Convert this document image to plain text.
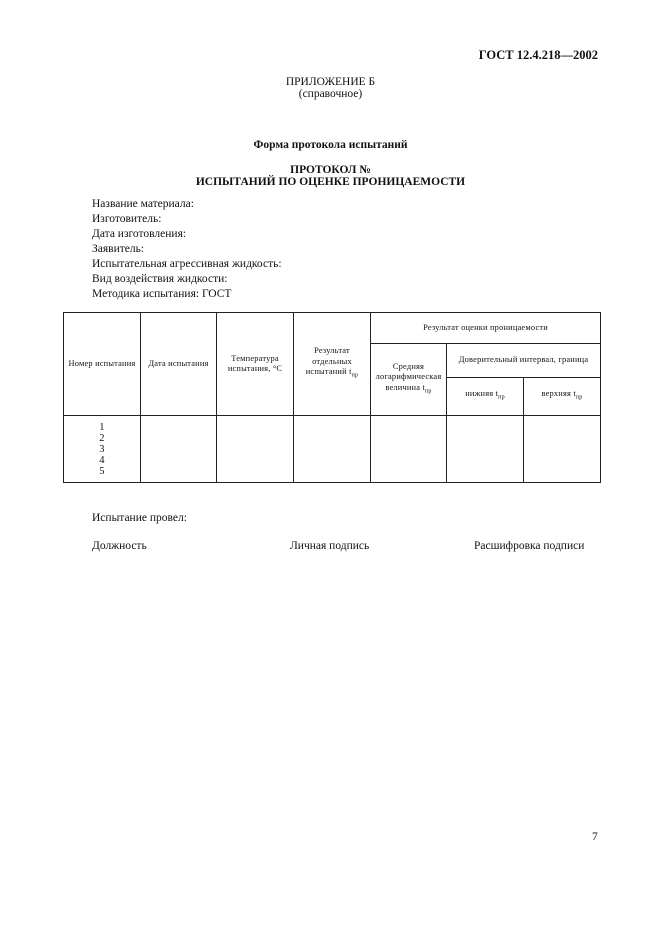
ГОСТ 12.4.218—2002
ПРИЛОЖЕНИЕ Б
(справочное)
Форма протокола испытаний
ПРОТОКОЛ №
ИСПЫТАНИЙ ПО ОЦЕНКЕ ПРОНИЦАЕМОСТИ
Название материала:
Изготовитель:
Дата изготовления:
Заявитель:
Испытательная агрессивная жидкость:
Вид воздействия жидкости:
Методика испытания: ГОСТ
Номер испытания	Дата испытания	Температура испытания, °С	Результат отдельных испытаний $t_{пр}$	Результат оценки проницаемости		
				Средняя логарифмическая величина $t_{пр}$	Доверительный интервал, граница	
					нижняя $t_{пр}$	верхняя $t_{пр}$

1
2
3
4
5						

Испытание провел:
Должность	Личная подпись	Расшифровка подписи
7
